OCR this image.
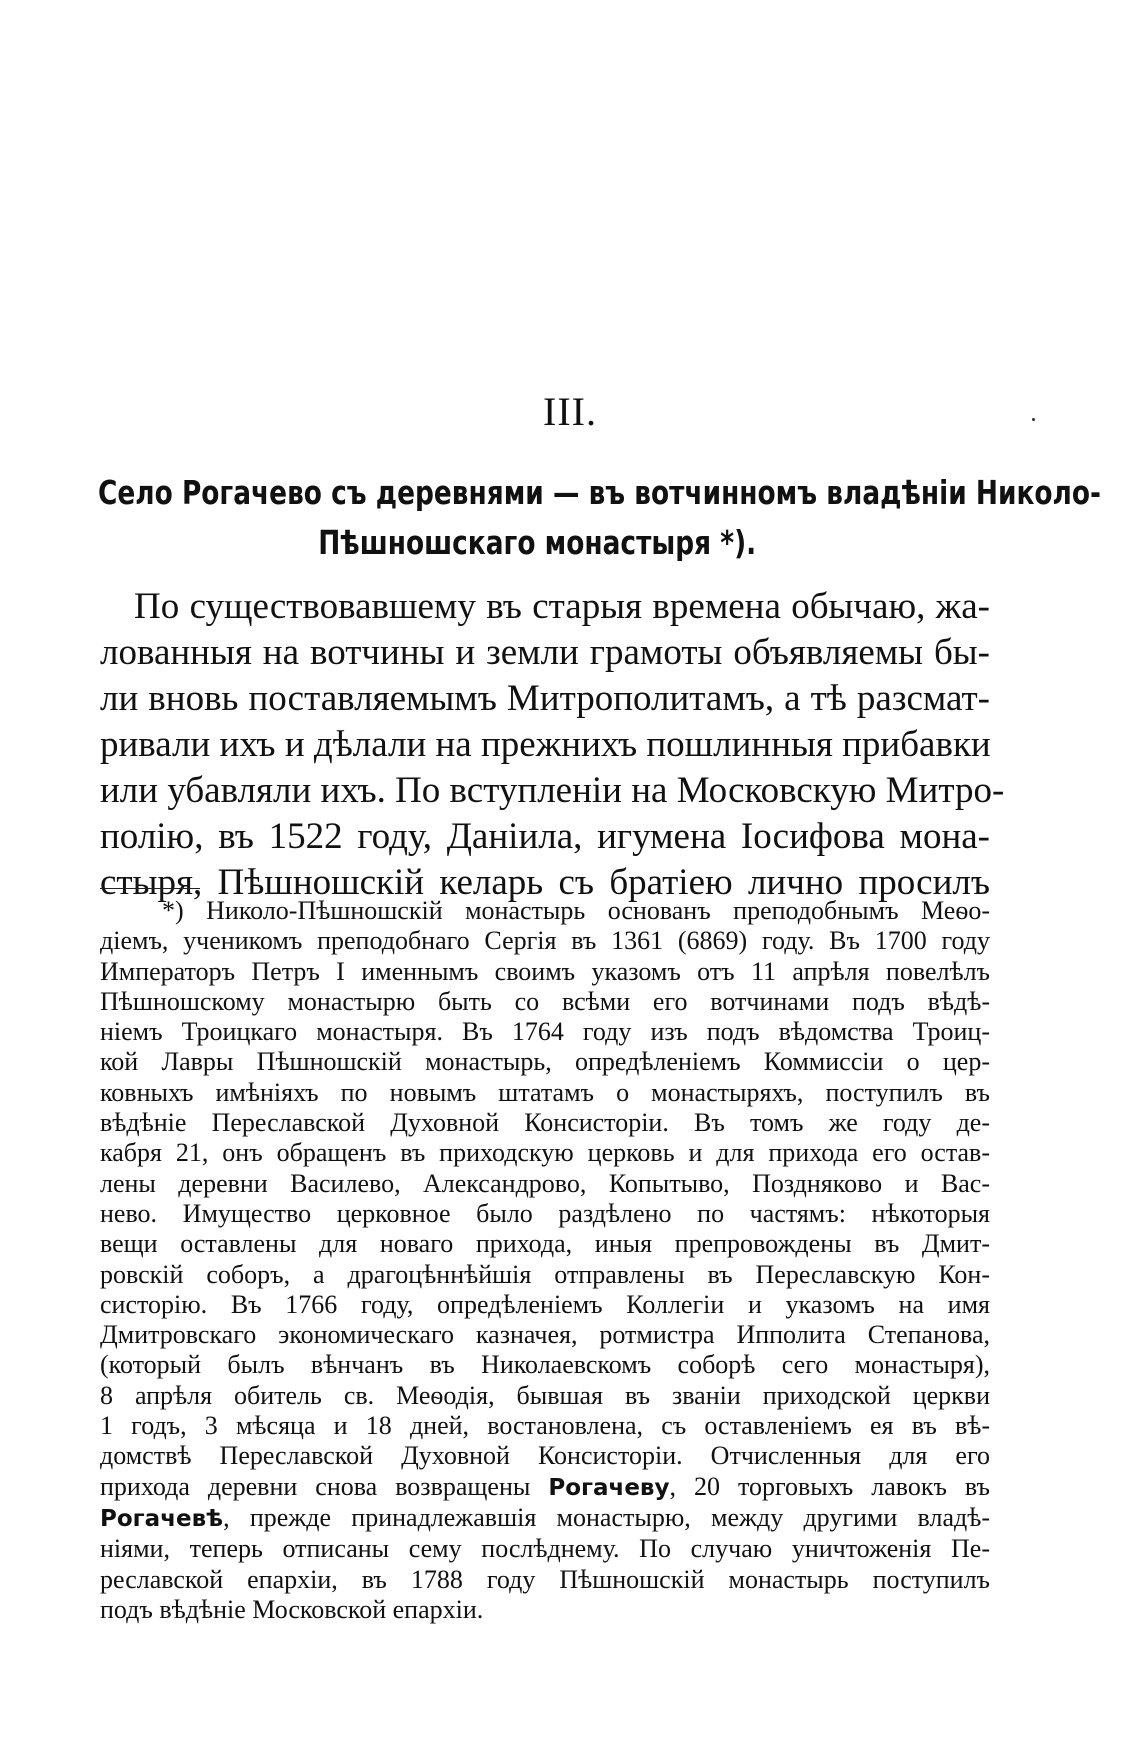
III.
Село Рогачево съ деревнями — въ вотчинномъ владѣніи Николо-
Пѣшношскаго монастыря *).
По существовавшему въ старыя времена обычаю, жа-
лованныя на вотчины и земли грамоты объявляемы бы-
ли вновь поставляемымъ Митрополитамъ, а тѣ разсмат-
ривали ихъ и дѣлали на прежнихъ пошлинныя прибавки
или убавляли ихъ. По вступленіи на Московскую Митро-
полію, въ 1522 году, Даніила, игумена Іосифова мона-
стыря, Пѣшношскій келарь съ братіею лично просилъ
*) Николо-Пѣшношскій монастырь основанъ преподобнымъ Меѳо-
діемъ, ученикомъ преподобнаго Сергія въ 1361 (6869) году. Въ 1700 году
Императоръ Петръ I именнымъ своимъ указомъ отъ 11 апрѣля повелѣлъ
Пѣшношскому монастырю быть со всѣми его вотчинами подъ вѣдѣ-
ніемъ Троицкаго монастыря. Въ 1764 году изъ подъ вѣдомства Троиц-
кой Лавры Пѣшношскій монастырь, опредѣленіемъ Коммиссіи о цер-
ковныхъ имѣніяхъ по новымъ штатамъ о монастыряхъ, поступилъ въ
вѣдѣніе Переславской Духовной Консисторіи. Въ томъ же году де-
кабря 21, онъ обращенъ въ приходскую церковь и для прихода его остав-
лены деревни Василево, Александрово, Копытыво, Поздняково и Вас-
нево. Имущество церковное было раздѣлено по частямъ: нѣкоторыя
вещи оставлены для новаго прихода, иныя препровождены въ Дмит-
ровскій соборъ, а драгоцѣннѣйшія отправлены въ Переславскую Кон-
систорію. Въ 1766 году, опредѣленіемъ Коллегіи и указомъ на имя
Дмитровскаго экономическаго казначея, ротмистра Ипполита Степанова,
(который былъ вѣнчанъ въ Николаевскомъ соборѣ сего монастыря),
8 апрѣля обитель св. Меѳодія, бывшая въ званіи приходской церкви
1 годъ, 3 мѣсяца и 18 дней, востановлена, съ оставленіемъ ея въ вѣ-
домствѣ Переславской Духовной Консисторіи. Отчисленныя для его
прихода деревни снова возвращены Рогачеву, 20 торговыхъ лавокъ въ
Рогачевѣ, прежде принадлежавшія монастырю, между другими владѣ-
ніями, теперь отписаны сему послѣднему. По случаю уничтоженія Пе-
реславской епархіи, въ 1788 году Пѣшношскій монастырь поступилъ
подъ вѣдѣніе Московской епархіи.
